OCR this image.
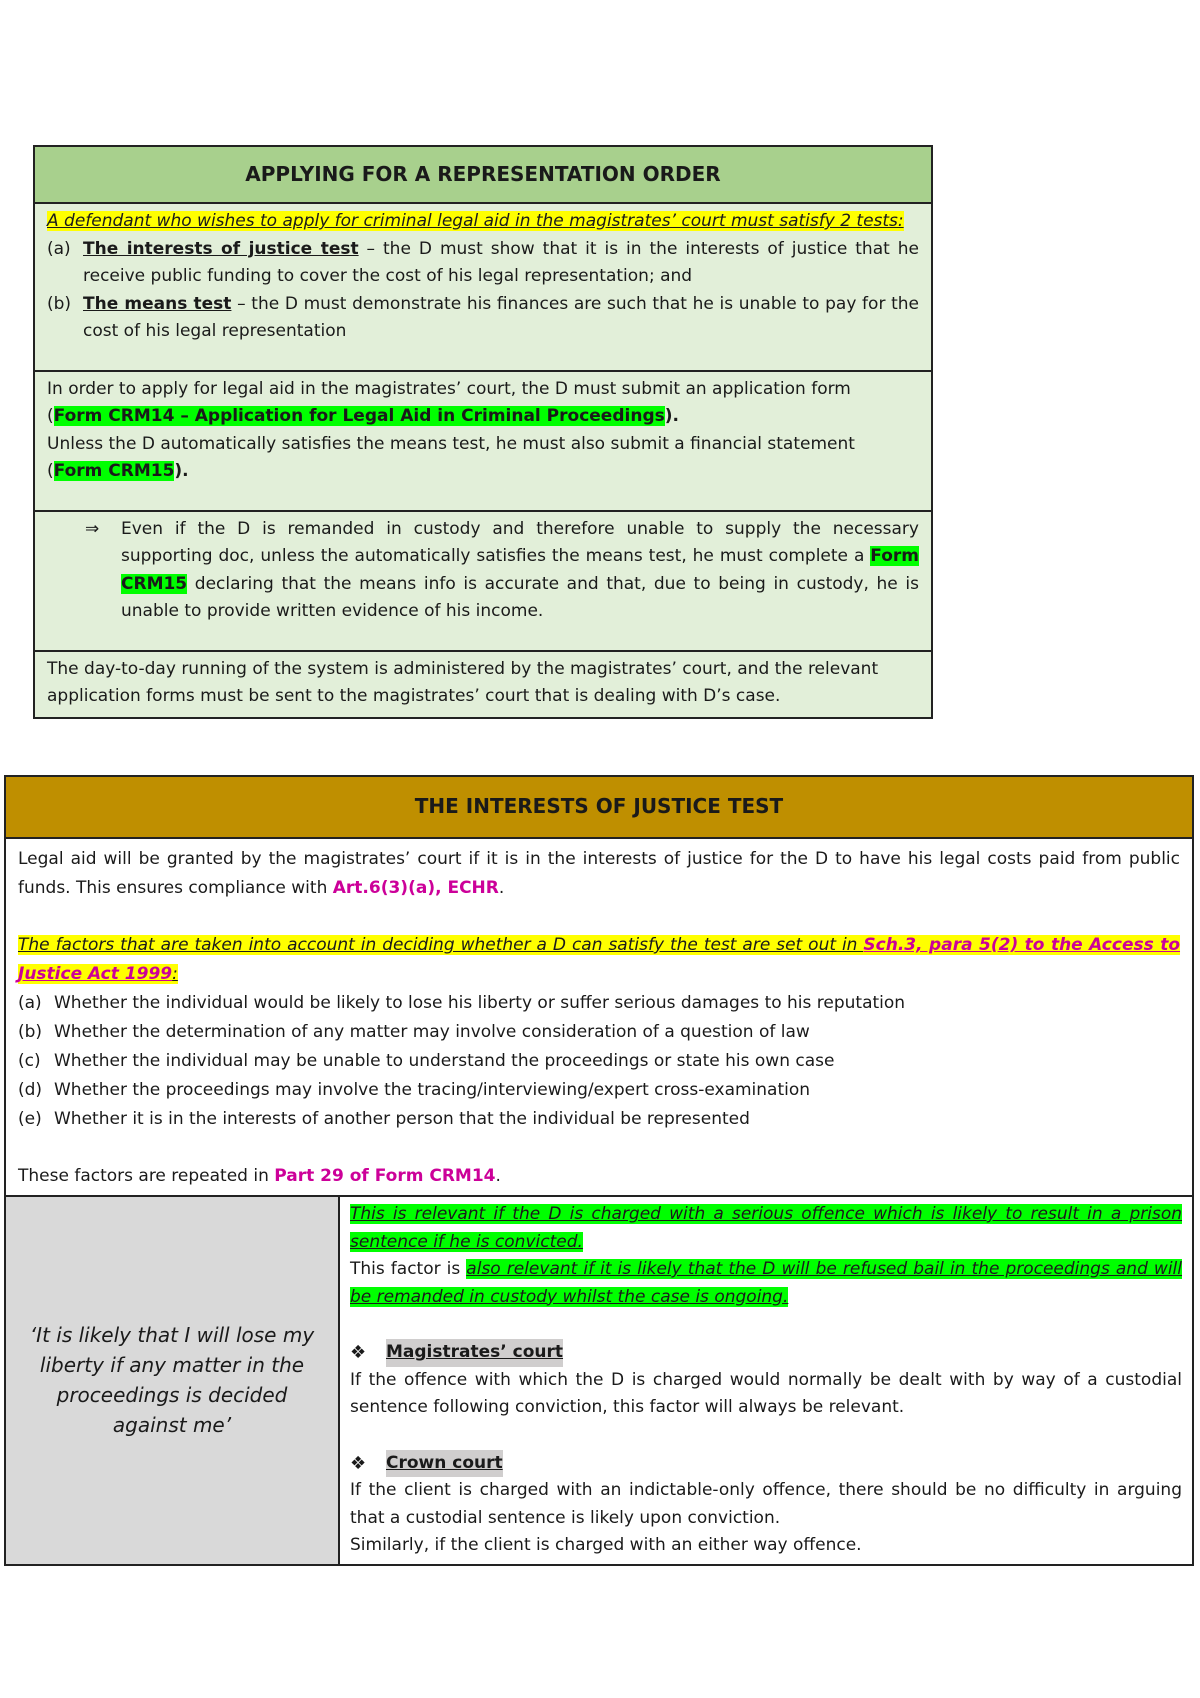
APPLYING FOR A REPRESENTATION ORDER
A defendant who wishes to apply for criminal legal aid in the magistrates’ court must satisfy 2 tests:
(a) The interests of justice test – the D must show that it is in the interests of justice that he receive public funding to cover the cost of his legal representation; and
(b) The means test – the D must demonstrate his finances are such that he is unable to pay for the cost of his legal representation
In order to apply for legal aid in the magistrates’ court, the D must submit an application form
(Form CRM14 – Application for Legal Aid in Criminal Proceedings).
Unless the D automatically satisfies the means test, he must also submit a financial statement
(Form CRM15).
⇒	Even if the D is remanded in custody and therefore unable to supply the necessary supporting doc, unless the automatically satisfies the means test, he must complete a Form CRM15 declaring that the means info is accurate and that, due to being in custody, he is unable to provide written evidence of his income.
The day-to-day running of the system is administered by the magistrates’ court, and the relevant application forms must be sent to the magistrates’ court that is dealing with D’s case.
THE INTERESTS OF JUSTICE TEST
Legal aid will be granted by the magistrates’ court if it is in the interests of justice for the D to have his legal costs paid from public funds. This ensures compliance with Art.6(3)(a), ECHR.
The factors that are taken into account in deciding whether a D can satisfy the test are set out in Sch.3, para 5(2) to the Access to Justice Act 1999:
(a) Whether the individual would be likely to lose his liberty or suffer serious damages to his reputation
(b) Whether the determination of any matter may involve consideration of a question of law
(c) Whether the individual may be unable to understand the proceedings or state his own case
(d) Whether the proceedings may involve the tracing/interviewing/expert cross-examination
(e) Whether it is in the interests of another person that the individual be represented
These factors are repeated in Part 29 of Form CRM14.
‘It is likely that I will lose my liberty if any matter in the proceedings is decided against me’
This is relevant if the D is charged with a serious offence which is likely to result in a prison sentence if he is convicted.
This factor is also relevant if it is likely that the D will be refused bail in the proceedings and will be remanded in custody whilst the case is ongoing.
❖	Magistrates’ court
If the offence with which the D is charged would normally be dealt with by way of a custodial sentence following conviction, this factor will always be relevant.
❖	Crown court
If the client is charged with an indictable-only offence, there should be no difficulty in arguing that a custodial sentence is likely upon conviction.
Similarly, if the client is charged with an either way offence.
